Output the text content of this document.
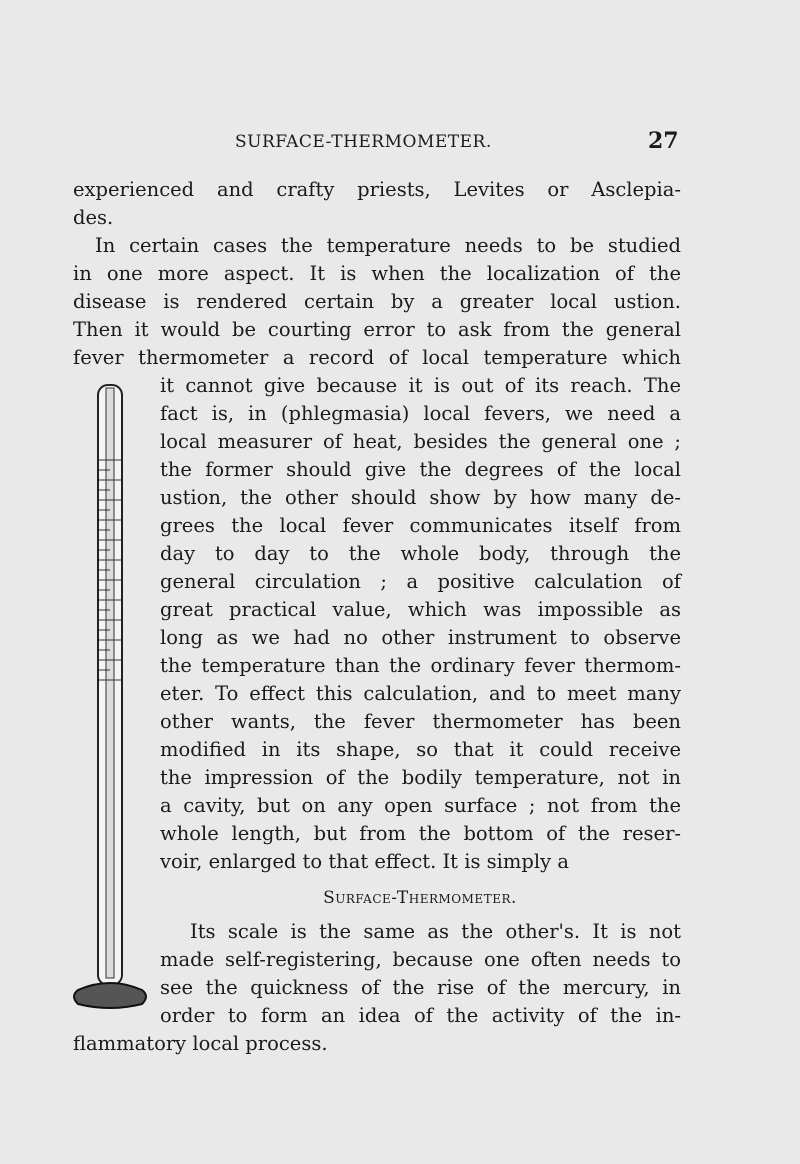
SURFACE-THERMOMETER.	27
experienced and crafty priests, Levites or Asclepia-
des.
In certain cases the temperature needs to be studied
in one more aspect. It is when the localization of the
disease is rendered certain by a greater local ustion.
Then it would be courting error to ask from the general
fever thermometer a record of local temperature which
it cannot give because it is out of its reach. The
fact is, in (phlegmasia) local fevers, we need a
local measurer of heat, besides the general one ;
the former should give the degrees of the local
ustion, the other should show by how many de-
grees the local fever communicates itself from
day to day to the whole body, through the
general circulation ; a positive calculation of
great practical value, which was impossible as
long as we had no other instrument to observe
the temperature than the ordinary fever thermom-
eter. To effect this calculation, and to meet many
other wants, the fever thermometer has been
modified in its shape, so that it could receive
the impression of the bodily temperature, not in
a cavity, but on any open surface ; not from the
whole length, but from the bottom of the reser-
voir, enlarged to that effect. It is simply a
Surface-Thermometer.
Its scale is the same as the other's. It is not
made self-registering, because one often needs to
see the quickness of the rise of the mercury, in
order to form an idea of the activity of the in-
flammatory local process.
